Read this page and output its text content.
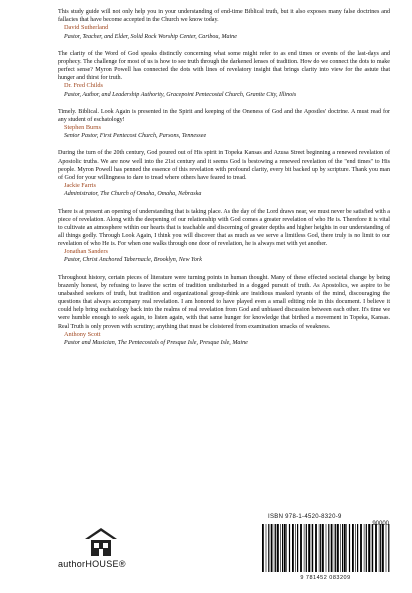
This study guide will not only help you in your understanding of end-time Biblical truth, but it also exposes many false doctrines and fallacies that have become accepted in the Church we know today.

David Sutherland

Pastor, Teacher, and Elder, Solid Rock Worship Center, Caribou, Maine

The clarity of the Word of God speaks distinctly concerning what some might refer to as end times or events of the last-days and prophecy. The challenge for most of us is how to see truth through the darkened lenses of tradition. How do we connect the dots to make perfect sense? Myron Powell has connected the dots with lines of revelatory insight that brings clarity into view for the astute that hunger and thirst for truth.

Dr. Fred Childs

Pastor, Author, and Leadership Authority, Gracepoint Pentecostal Church, Granite City, Illinois

Timely. Biblical. Look Again is presented in the Spirit and keeping of the Oneness of God and the Apostles' doctrine. A must read for any student of eschatology!

Stephen Burns

Senior Pastor, First Pentecost Church, Parsons, Tennessee

During the turn of the 20th century, God poured out of His spirit in Topeka Kansas and Azusa Street beginning a renewed revelation of Apostolic truths. We are now well into the 21st century and it seems God is bestowing a renewed revelation of the "end times" to His people. Myron Powell has penned the essence of this revelation with profound clarity, every bit backed up by scripture. Thank you man of God for your willingness to dare to tread where others have feared to tread.

Jackie Farris

Administrator, The Church of Omaha, Omaha, Nebraska

There is at present an opening of understanding that is taking place. As the day of the Lord draws near, we must never be satisfied with a piece of revelation. Along with the deepening of our relationship with God comes a greater revelation of who He is. Therefore it is vital to cultivate an atmosphere within our hearts that is teachable and discerning of greater depths and higher heights in our understanding of all things godly. Through Look Again, I think you will discover that as much as we serve a limitless God, there truly is no limit to our revelation of who He is. For when one walks through one door of revelation, he is always met with yet another.

Jonathan Sanders

Pastor, Christ Anchored Tabernacle, Brooklyn, New York

Throughout history, certain pieces of literature were turning points in human thought. Many of these effected societal change by being brazenly honest, by refusing to leave the scrim of tradition undisturbed in a dogged pursuit of truth. As Apostolics, we aspire to be unabashed seekers of truth, but tradition and organizational group-think are insidious masked tyrants of the mind, discouraging the questions that always accompany real revelation. I am honored to have played even a small editing role in this document. I believe it could help bring eschatology back into the realms of real revelation from God and unbiased discussion between each other. It's time we were humble enough to seek again, to listen again, with that same hunger for knowledge that birthed a movement in Topeka, Kansas. Real Truth is only proven with scrutiny; anything that must be cloistered from examination smacks of weakness.

Anthony Scott

Pastor and Musician, The Pentecostals of Presque Isle, Presque Isle, Maine

authorHOUSE®
ISBN 978-1-4520-8320-9
90000
9 781452 083209
